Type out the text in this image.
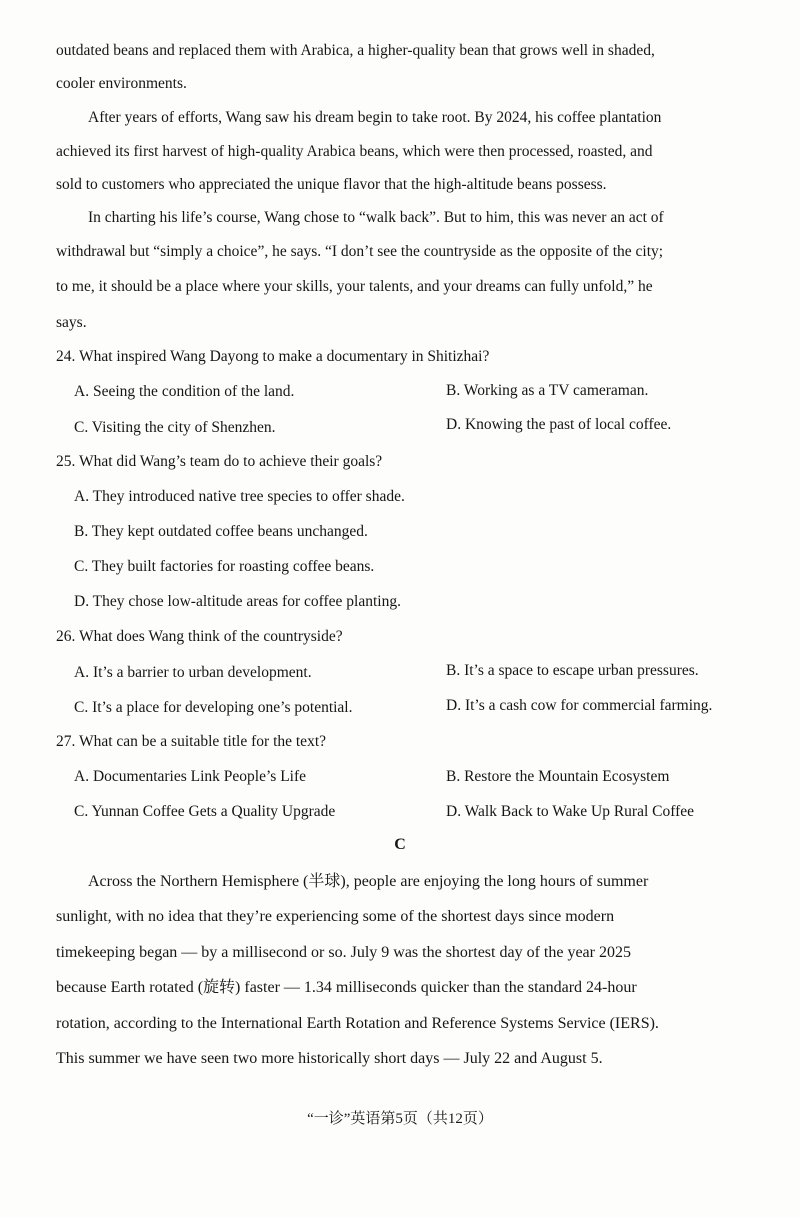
outdated beans and replaced them with Arabica, a higher-quality bean that grows well in shaded,
cooler environments.
After years of efforts, Wang saw his dream begin to take root. By 2024, his coffee plantation
achieved its first harvest of high-quality Arabica beans, which were then processed, roasted, and
sold to customers who appreciated the unique flavor that the high-altitude beans possess.
In charting his life’s course, Wang chose to “walk back”. But to him, this was never an act of
withdrawal but “simply a choice”, he says. “I don’t see the countryside as the opposite of the city;
to me, it should be a place where your skills, your talents, and your dreams can fully unfold,” he
says.
24. What inspired Wang Dayong to make a documentary in Shitizhai?
A. Seeing the condition of the land.	B. Working as a TV cameraman.
C. Visiting the city of Shenzhen.	D. Knowing the past of local coffee.
25. What did Wang’s team do to achieve their goals?
A. They introduced native tree species to offer shade.
B. They kept outdated coffee beans unchanged.
C. They built factories for roasting coffee beans.
D. They chose low-altitude areas for coffee planting.
26. What does Wang think of the countryside?
A. It’s a barrier to urban development.	B. It’s a space to escape urban pressures.
C. It’s a place for developing one’s potential.	D. It’s a cash cow for commercial farming.
27. What can be a suitable title for the text?
A. Documentaries Link People’s Life	B. Restore the Mountain Ecosystem
C. Yunnan Coffee Gets a Quality Upgrade	D. Walk Back to Wake Up Rural Coffee
C
Across the Northern Hemisphere (半球), people are enjoying the long hours of summer
sunlight, with no idea that they’re experiencing some of the shortest days since modern
timekeeping began — by a millisecond or so. July 9 was the shortest day of the year 2025
because Earth rotated (旋转) faster — 1.34 milliseconds quicker than the standard 24-hour
rotation, according to the International Earth Rotation and Reference Systems Service (IERS).
This summer we have seen two more historically short days — July 22 and August 5.
“一诊”英语第5页（共12页）
